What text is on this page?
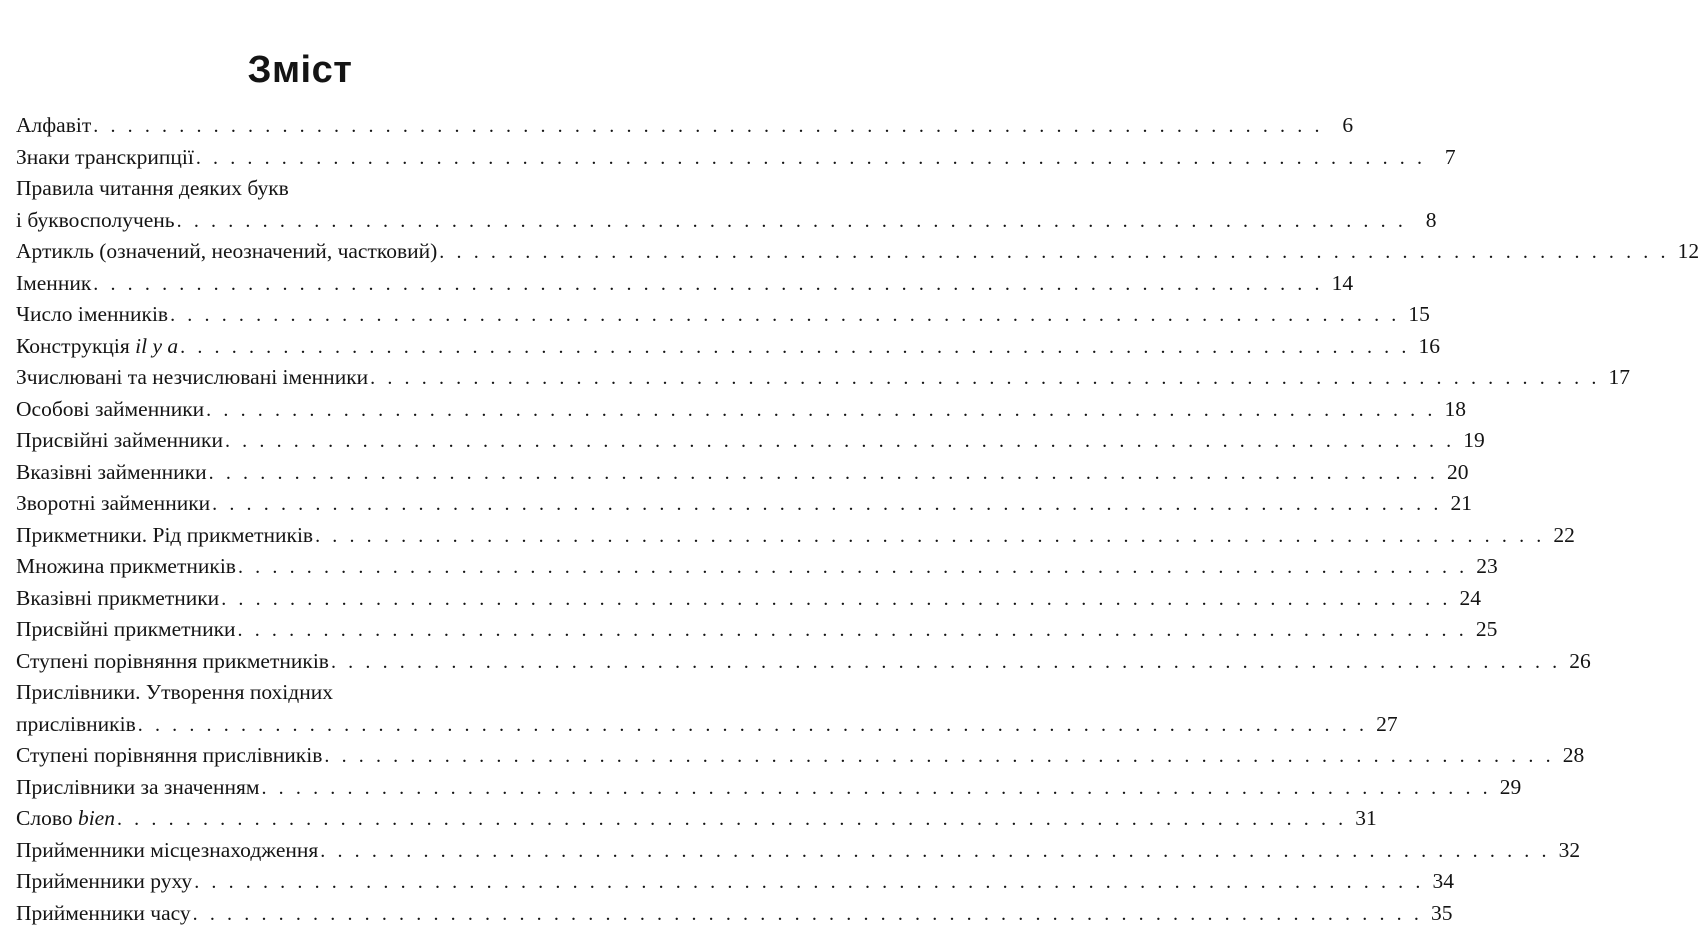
Зміст
Алфавіт . . . . . . . . . . . . . . . . . . . . . . . . . . . . . . . . . . . . . . . . . . . . . . . . . . . . . . . . . . . . . . . . . . . . . . . . 6
Знаки транскрипції . . . . . . . . . . . . . . . . . . . . . . . . . . . . . . . . . . . . . . . . . . . . . . . . . . . . . . . . . . . . . . . . . . . . . . . . 7
Правила читання деяких букв
і буквосполучень . . . . . . . . . . . . . . . . . . . . . . . . . . . . . . . . . . . . . . . . . . . . . . . . . . . . . . . . . . . . . . . . . . . . . . . . 8
Артикль (означений, неозначений, частковий) . . . . . . . . . . . . . . . . . . . . . . . . . . . . . . . . . . . . . . . . . . . . . . . . . . . . . . . . . . . . . . . . . . . . . . . . 12
Іменник . . . . . . . . . . . . . . . . . . . . . . . . . . . . . . . . . . . . . . . . . . . . . . . . . . . . . . . . . . . . . . . . . . . . . . . . 14
Число іменників . . . . . . . . . . . . . . . . . . . . . . . . . . . . . . . . . . . . . . . . . . . . . . . . . . . . . . . . . . . . . . . . . . . . . . . . 15
Конструкція il y a . . . . . . . . . . . . . . . . . . . . . . . . . . . . . . . . . . . . . . . . . . . . . . . . . . . . . . . . . . . . . . . . . . . . . . . . 16
Зчислювані та незчислювані іменники . . . . . . . . . . . . . . . . . . . . . . . . . . . . . . . . . . . . . . . . . . . . . . . . . . . . . . . . . . . . . . . . . . . . . . . . 17
Особові займенники . . . . . . . . . . . . . . . . . . . . . . . . . . . . . . . . . . . . . . . . . . . . . . . . . . . . . . . . . . . . . . . . . . . . . . . . 18
Присвійні займенники . . . . . . . . . . . . . . . . . . . . . . . . . . . . . . . . . . . . . . . . . . . . . . . . . . . . . . . . . . . . . . . . . . . . . . . . 19
Вказівні займенники . . . . . . . . . . . . . . . . . . . . . . . . . . . . . . . . . . . . . . . . . . . . . . . . . . . . . . . . . . . . . . . . . . . . . . . . 20
Зворотні займенники . . . . . . . . . . . . . . . . . . . . . . . . . . . . . . . . . . . . . . . . . . . . . . . . . . . . . . . . . . . . . . . . . . . . . . . . 21
Прикметники. Рід прикметників . . . . . . . . . . . . . . . . . . . . . . . . . . . . . . . . . . . . . . . . . . . . . . . . . . . . . . . . . . . . . . . . . . . . . . . . 22
Множина прикметників . . . . . . . . . . . . . . . . . . . . . . . . . . . . . . . . . . . . . . . . . . . . . . . . . . . . . . . . . . . . . . . . . . . . . . . . 23
Вказівні прикметники . . . . . . . . . . . . . . . . . . . . . . . . . . . . . . . . . . . . . . . . . . . . . . . . . . . . . . . . . . . . . . . . . . . . . . . . 24
Присвійні прикметники . . . . . . . . . . . . . . . . . . . . . . . . . . . . . . . . . . . . . . . . . . . . . . . . . . . . . . . . . . . . . . . . . . . . . . . . 25
Ступені порівняння прикметників . . . . . . . . . . . . . . . . . . . . . . . . . . . . . . . . . . . . . . . . . . . . . . . . . . . . . . . . . . . . . . . . . . . . . . . . 26
Прислівники. Утворення похідних
прислівників . . . . . . . . . . . . . . . . . . . . . . . . . . . . . . . . . . . . . . . . . . . . . . . . . . . . . . . . . . . . . . . . . . . . . . . . 27
Ступені порівняння прислівників . . . . . . . . . . . . . . . . . . . . . . . . . . . . . . . . . . . . . . . . . . . . . . . . . . . . . . . . . . . . . . . . . . . . . . . . 28
Прислівники за значенням . . . . . . . . . . . . . . . . . . . . . . . . . . . . . . . . . . . . . . . . . . . . . . . . . . . . . . . . . . . . . . . . . . . . . . . . 29
Слово bien . . . . . . . . . . . . . . . . . . . . . . . . . . . . . . . . . . . . . . . . . . . . . . . . . . . . . . . . . . . . . . . . . . . . . . . . 31
Прийменники місцезнаходження . . . . . . . . . . . . . . . . . . . . . . . . . . . . . . . . . . . . . . . . . . . . . . . . . . . . . . . . . . . . . . . . . . . . . . . . 32
Прийменники руху . . . . . . . . . . . . . . . . . . . . . . . . . . . . . . . . . . . . . . . . . . . . . . . . . . . . . . . . . . . . . . . . . . . . . . . . 34
Прийменники часу . . . . . . . . . . . . . . . . . . . . . . . . . . . . . . . . . . . . . . . . . . . . . . . . . . . . . . . . . . . . . . . . . . . . . . . . 35
